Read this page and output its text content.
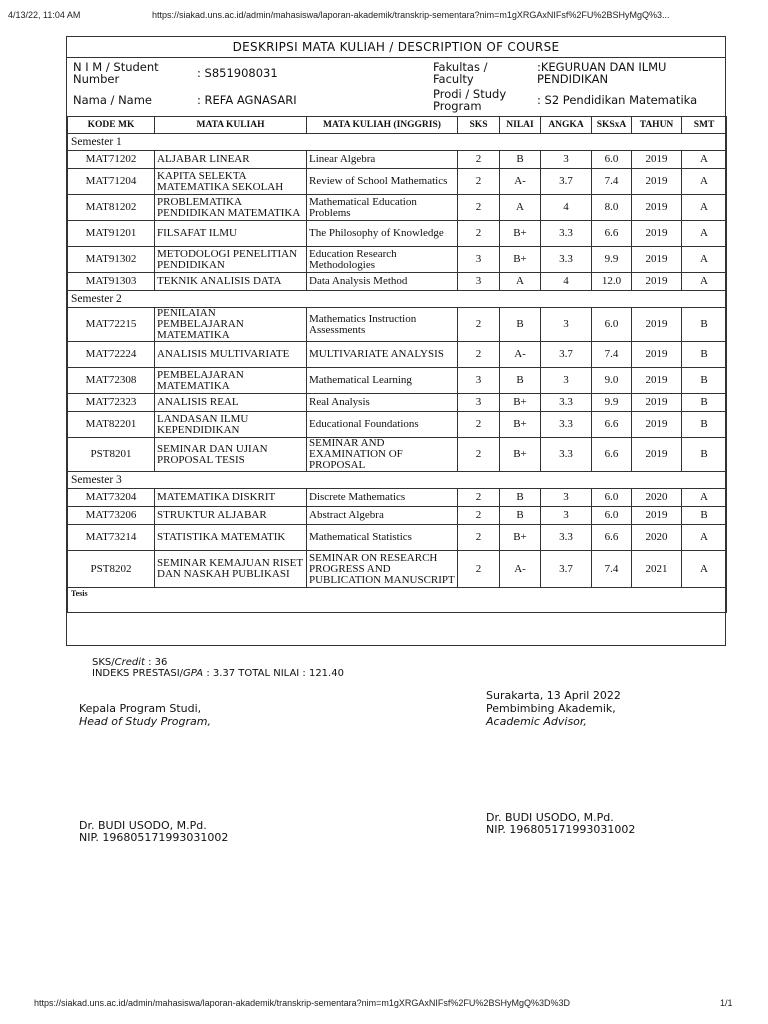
4/13/22, 11:04 AM	https://siakad.uns.ac.id/admin/mahasiswa/laporan-akademik/transkrip-sementara?nim=m1gXRGAxNIFsf%2FU%2BSHyMgQ%3...
DESKRIPSI MATA KULIAH / DESCRIPTION OF COURSE
N I M / Student Number	: S851908031
Nama / Name	: REFA AGNASARI
Fakultas / Faculty
:KEGURUAN DAN ILMU PENDIDIKAN
Prodi / Study Program	: S2 Pendidikan Matematika
KODE MK	MATA KULIAH	MATA KULIAH (INGGRIS)	SKS	NILAI	ANGKA	SKSxA	TAHUN	SMT
Semester 1								
MAT71202	ALJABAR LINEAR	Linear Algebra	2	B	3	6.0	2019	A
MAT71204	KAPITA SELEKTA MATEMATIKA SEKOLAH	Review of School Mathematics	2	A-	3.7	7.4	2019	A
MAT81202	PROBLEMATIKA PENDIDIKAN MATEMATIKA	Mathematical Education Problems	2	A	4	8.0	2019	A
MAT91201	FILSAFAT ILMU	The Philosophy of Knowledge	2	B+	3.3	6.6	2019	A
MAT91302	METODOLOGI PENELITIAN PENDIDIKAN	Education Research Methodologies	3	B+	3.3	9.9	2019	A
MAT91303	TEKNIK ANALISIS DATA	Data Analysis Method	3	A	4	12.0	2019	A
Semester 2								
MAT72215	PENILAIAN PEMBELAJARAN MATEMATIKA	Mathematics Instruction Assessments	2	B	3	6.0	2019	B
MAT72224	ANALISIS MULTIVARIATE	MULTIVARIATE ANALYSIS	2	A-	3.7	7.4	2019	B
MAT72308	PEMBELAJARAN MATEMATIKA	Mathematical Learning	3	B	3	9.0	2019	B
MAT72323	ANALISIS REAL	Real Analysis	3	B+	3.3	9.9	2019	B
MAT82201	LANDASAN ILMU KEPENDIDIKAN	Educational Foundations	2	B+	3.3	6.6	2019	B
PST8201	SEMINAR DAN UJIAN PROPOSAL TESIS	SEMINAR AND EXAMINATION OF PROPOSAL	2	B+	3.3	6.6	2019	B
Semester 3								
MAT73204	MATEMATIKA DISKRIT	Discrete Mathematics	2	B	3	6.0	2020	A
MAT73206	STRUKTUR ALJABAR	Abstract Algebra	2	B	3	6.0	2019	B
MAT73214	STATISTIKA MATEMATIK	Mathematical Statistics	2	B+	3.3	6.6	2020	A
PST8202	SEMINAR KEMAJUAN RISET DAN NASKAH PUBLIKASI	SEMINAR ON RESEARCH PROGRESS AND PUBLICATION MANUSCRIPT	2	A-	3.7	7.4	2021	A
Tesis								
SKS/Credit : 36
INDEKS PRESTASI/GPA : 3.37 TOTAL NILAI : 121.40
Surakarta, 13 April 2022
Kepala Program Studi,
Head of Study Program,
Pembimbing Akademik,
Academic Advisor,
Dr. BUDI USODO, M.Pd.
NIP. 196805171993031002
Dr. BUDI USODO, M.Pd.
NIP. 196805171993031002
https://siakad.uns.ac.id/admin/mahasiswa/laporan-akademik/transkrip-sementara?nim=m1gXRGAxNIFsf%2FU%2BSHyMgQ%3D%3D	1/1
